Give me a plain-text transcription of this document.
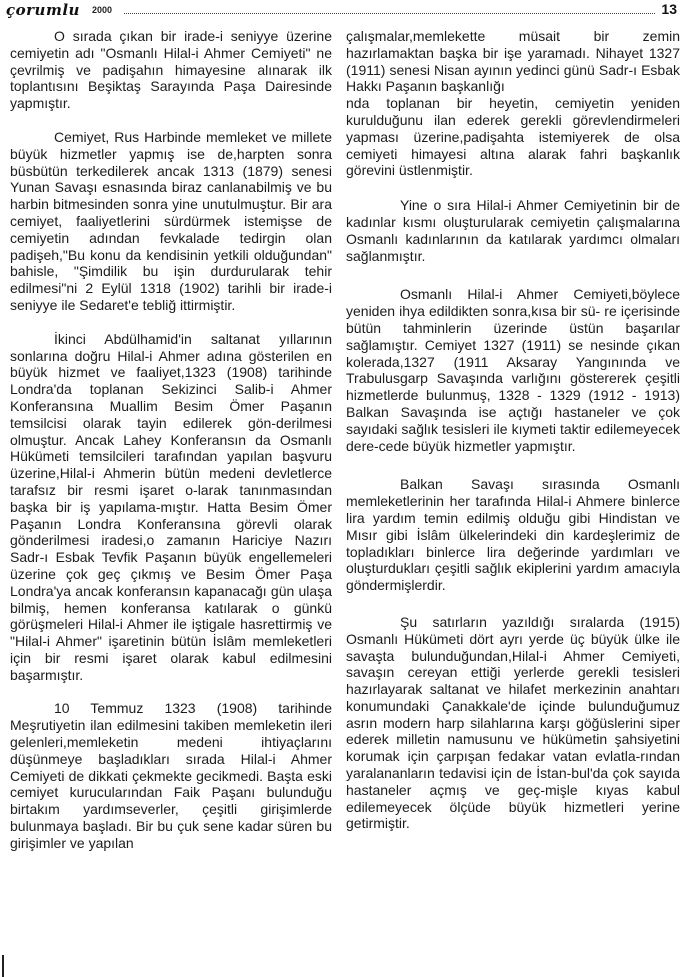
çorumlu 2000	13

O sırada çıkan bir irade-i seniyye üzerine cemiyetin adı "Osmanlı Hilal-i Ahmer Cemiyeti" ne çevrilmiş ve padişahın himayesine alınarak ilk toplantısını Beşiktaş Sarayında Paşa Dairesinde yapmıştır.

Cemiyet, Rus Harbinde memleket ve millete büyük hizmetler yapmış ise de,harpten sonra büsbütün terkedilerek ancak 1313 (1879) senesi Yunan Savaşı esnasında biraz canlanabilmiş ve bu harbin bitmesinden sonra yine unutulmuştur. Bir ara cemiyet, faaliyetlerini sürdürmek istemişse de cemiyetin adından fevkalade tedirgin olan padişeh,"Bu konu da kendisinin yetkili olduğundan" bahisle, "Şimdilik bu işin durdurularak tehir edilmesi"ni 2 Eylül 1318 (1902) tarihli bir irade-i seniyye ile Sedaret'e tebliğ ittirmiştir.

İkinci Abdülhamid'in saltanat yıllarının sonlarına doğru Hilal-i Ahmer adına gösterilen en büyük hizmet ve faaliyet,1323 (1908) tarihinde Londra'da toplanan Sekizinci Salib-i Ahmer Konferansına Muallim Besim Ömer Paşanın temsilcisi olarak tayin edilerek gön-derilmesi olmuştur. Ancak Lahey Konferansın da Osmanlı Hükümeti temsilcileri tarafından yapılan başvuru üzerine,Hilal-i Ahmerin bütün medeni devletlerce tarafsız bir resmi işaret o-larak tanınmasından başka bir iş yapılama-mıştır. Hatta Besim Ömer Paşanın Londra Konferansına görevli olarak gönderilmesi iradesi,o zamanın Hariciye Nazırı Sadr-ı Esbak Tevfik Paşanın büyük engellemeleri üzerine çok geç çıkmış ve Besim Ömer Paşa Londra'ya ancak konferansın kapanacağı gün ulaşa bilmiş, hemen konferansa katılarak o günkü görüşmeleri Hilal-i Ahmer ile iştigale hasrettirmiş ve "Hilal-i Ahmer" işaretinin bütün İslâm memleketleri için bir resmi işaret olarak kabul edilmesini başarmıştır.

10 Temmuz 1323 (1908) tarihinde Meşrutiyetin ilan edilmesini takiben memleketin ileri gelenleri,memleketin medeni ihtiyaçlarını düşünmeye başladıkları sırada Hilal-i Ahmer Cemiyeti de dikkati çekmekte gecikmedi. Başta eski cemiyet kurucularından Faik Paşanı bulunduğu birtakım yardımseverler, çeşitli girişimlerde bulunmaya başladı. Bir bu çuk sene kadar süren bu girişimler ve yapılan

çalışmalar,memlekette müsait bir zemin hazırlamaktan başka bir işe yaramadı. Nihayet 1327 (1911) senesi Nisan ayının yedinci günü Sadr-ı Esbak Hakkı Paşanın başkanlığı

nda toplanan bir heyetin, cemiyetin yeniden kurulduğunu ilan ederek gerekli görevlendirmeleri yapması üzerine,padişahta istemiyerek de olsa cemiyeti himayesi altına alarak fahri başkanlık görevini üstlenmiştir.

Yine o sıra Hilal-i Ahmer Cemiyetinin bir de kadınlar kısmı oluşturularak cemiyetin çalışmalarına Osmanlı kadınlarının da katılarak yardımcı olmaları sağlanmıştır.

Osmanlı Hilal-i Ahmer Cemiyeti,böylece yeniden ihya edildikten sonra,kısa bir sü- re içerisinde bütün tahminlerin üzerinde üstün başarılar sağlamıştır. Cemiyet 1327 (1911) se nesinde çıkan kolerada,1327 (1911 Aksaray Yangınında ve Trabulusgarp Savaşında varlığını göstererek çeşitli hizmetlerde bulunmuş, 1328 - 1329 (1912 - 1913) Balkan Savaşında ise açtığı hastaneler ve çok sayıdaki sağlık tesisleri ile kıymeti taktir edilemeyecek dere-cede büyük hizmetler yapmıştır.

Balkan Savaşı sırasında Osmanlı memleketlerinin her tarafında Hilal-i Ahmere binlerce lira yardım temin edilmiş olduğu gibi Hindistan ve Mısır gibi İslâm ülkelerindeki din kardeşlerimiz de topladıkları binlerce lira değerinde yardımları ve oluşturdukları çeşitli sağlık ekiplerini yardım amacıyla göndermişlerdir.

Şu satırların yazıldığı sıralarda (1915) Osmanlı Hükümeti dört ayrı yerde üç büyük ülke ile savaşta bulunduğundan,Hilal-i Ahmer Cemiyeti, savaşın cereyan ettiği yerlerde gerekli tesisleri hazırlayarak saltanat ve hilafet merkezinin anahtarı konumundaki Çanakkale'de içinde bulunduğumuz asrın modern harp silahlarına karşı göğüslerini siper ederek milletin namusunu ve hükümetin şahsiyetini korumak için çarpışan fedakar vatan evlatla-rından yaralananların tedavisi için de İstan-bul'da çok sayıda hastaneler açmış ve geç-mişle kıyas kabul edilemeyecek ölçüde büyük hizmetleri yerine getirmiştir.
